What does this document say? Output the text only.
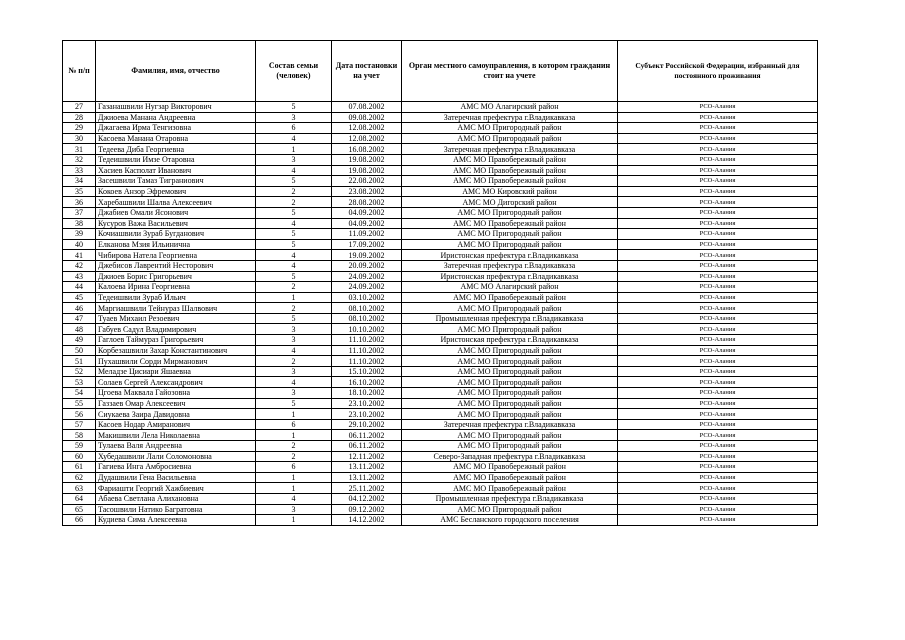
№ п/п	Фамилия, имя, отчество	Состав семьи (человек)	Дата постановки на учет	Орган местного самоуправления, в котором гражданин стоит на учете	Субъект Российской Федерации, избранный для постоянного проживания
27	Газанашвили Нугзар Викторович	5	07.08.2002	АМС МО Алагирский район	РСО-Алания
28	Джиоева Манана Андреевна	3	09.08.2002	Затеречная префектура г.Владикавказа	РСО-Алания
29	Джагаева Ирма Тенгизовна	6	12.08.2002	АМС МО Пригородный район	РСО-Алания
30	Касоева Манана Отаровна	4	12.08.2002	АМС МО Пригородный район	РСО-Алания
31	Тедеева Диба Георгиевна	1	16.08.2002	Затеречная префектура г.Владикавказа	РСО-Алания
32	Тедеишвили Имзе Отаровна	3	19.08.2002	АМС МО Правобережный район	РСО-Алания
33	Хасиев Касполат Иванович	4	19.08.2002	АМС МО Правобережный район	РСО-Алания
34	Засешвили Тамаз Тиграниович	5	22.08.2002	АМС МО Правобережный район	РСО-Алания
35	Кокоев Анзор Эфремович	2	23.08.2002	АМС МО Кировский район	РСО-Алания
36	Харебашвили Шалва Алексеевич	2	28.08.2002	АМС МО Дигорский район	РСО-Алания
37	Джабиев Омали Ясонович	5	04.09.2002	АМС МО Пригородный район	РСО-Алания
38	Кусуров Важа Васильевич	4	04.09.2002	АМС МО Правобережный район	РСО-Алания
39	Кочиашвили Зураб Бугданович	5	11.09.2002	АМС МО Пригородный район	РСО-Алания
40	Елканова Мзия Ильинична	5	17.09.2002	АМС МО Пригородный район	РСО-Алания
41	Чибирова Натела Георгиевна	4	19.09.2002	Иристонская префектура г.Владикавказа	РСО-Алания
42	Джебисов Лаврентий Несторович	4	20.09.2002	Затеречная префектура г.Владикавказа	РСО-Алания
43	Джиоев Борис Григорьевич	5	24.09.2002	Иристонская префектура г.Владикавказа	РСО-Алания
44	Калоева Ирина Георгиевна	2	24.09.2002	АМС МО Алагирский район	РСО-Алания
45	Тедеишвили Зураб Ильич	1	03.10.2002	АМС МО Правобережный район	РСО-Алания
46	Маргиашвили Тейнураз Шалвович	2	08.10.2002	АМС МО Пригородный район	РСО-Алания
47	Туаев Михаил Резоевич	5	08.10.2002	Промышленная префектура г.Владикавказа	РСО-Алания
48	Габуев Садул Владимирович	3	10.10.2002	АМС МО Пригородный район	РСО-Алания
49	Гаглоев Таймураз Григорьевич	3	11.10.2002	Иристонская префектура г.Владикавказа	РСО-Алания
50	Корбезашвили Захар Константинович	4	11.10.2002	АМС МО Пригородный район	РСО-Алания
51	Пухашвили Сорди Мирманович	2	11.10.2002	АМС МО Пригородный район	РСО-Алания
52	Меладзе Цисиари Яшаевна	3	15.10.2002	АМС МО Пригородный район	РСО-Алания
53	Солаев Сергей Александрович	4	16.10.2002	АМС МО Пригородный район	РСО-Алания
54	Цгоева Маквала Гайозовна	3	18.10.2002	АМС МО Пригородный район	РСО-Алания
55	Газзаев Омар Алексеевич	5	23.10.2002	АМС МО Пригородный район	РСО-Алания
56	Сиукаева Заира Давидовна	1	23.10.2002	АМС МО Пригородный район	РСО-Алания
57	Касоев Нодар Амиранович	6	29.10.2002	Затеречная префектура г.Владикавказа	РСО-Алания
58	Макишвили Лела Николаевна	1	06.11.2002	АМС МО Пригородный район	РСО-Алания
59	Тулаева Валя Андреевна	2	06.11.2002	АМС МО Пригородный район	РСО-Алания
60	Хубедашвили Лали Соломоновна	2	12.11.2002	Северо-Западная префектура г.Владикавказа	РСО-Алания
61	Гагиева Инга Амбросиевна	6	13.11.2002	АМС МО Правобережный район	РСО-Алания
62	Дудашвили Гена Васильевна	1	13.11.2002	АМС МО Правобережный район	РСО-Алания
63	Фариашти Георгий Хажбиевич	1	25.11.2002	АМС МО Правобережный район	РСО-Алания
64	Абаева Светлана Алихановна	4	04.12.2002	Промышленная префектура г.Владикавказа	РСО-Алания
65	Тасошвили Натико Багратовна	3	09.12.2002	АМС МО Пригородный район	РСО-Алания
66	Кудиева Сима Алексеевна	1	14.12.2002	АМС Бесланского городского поселения	РСО-Алания
